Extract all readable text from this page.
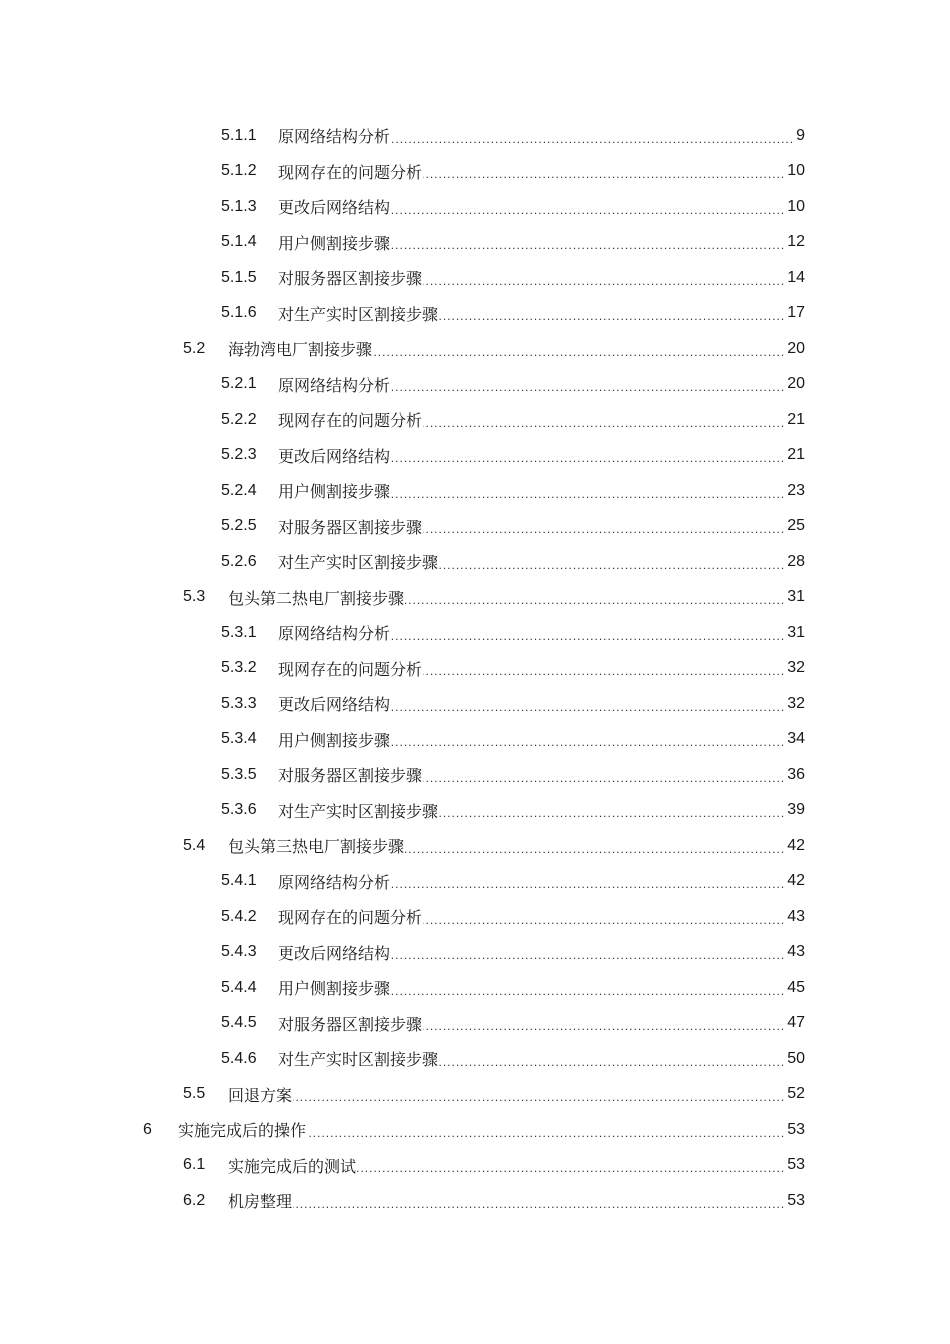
5.1.1	原网络结构分析 .....	9
5.1.2	现网存在的问题分析 .....	10
5.1.3	更改后网络结构 .....	10
5.1.4	用户侧割接步骤 .....	12
5.1.5	对服务器区割接步骤 .....	14
5.1.6	对生产实时区割接步骤 .....	17
5.2	海勃湾电厂割接步骤 .....	20
5.2.1	原网络结构分析 .....	20
5.2.2	现网存在的问题分析 .....	21
5.2.3	更改后网络结构 .....	21
5.2.4	用户侧割接步骤 .....	23
5.2.5	对服务器区割接步骤 .....	25
5.2.6	对生产实时区割接步骤 .....	28
5.3	包头第二热电厂割接步骤 .....	31
5.3.1	原网络结构分析 .....	31
5.3.2	现网存在的问题分析 .....	32
5.3.3	更改后网络结构 .....	32
5.3.4	用户侧割接步骤 .....	34
5.3.5	对服务器区割接步骤 .....	36
5.3.6	对生产实时区割接步骤 .....	39
5.4	包头第三热电厂割接步骤 .....	42
5.4.1	原网络结构分析 .....	42
5.4.2	现网存在的问题分析 .....	43
5.4.3	更改后网络结构 .....	43
5.4.4	用户侧割接步骤 .....	45
5.4.5	对服务器区割接步骤 .....	47
5.4.6	对生产实时区割接步骤 .....	50
5.5	回退方案 .....	52
6	实施完成后的操作 .....	53
6.1	实施完成后的测试 .....	53
6.2	机房整理 .....	53
